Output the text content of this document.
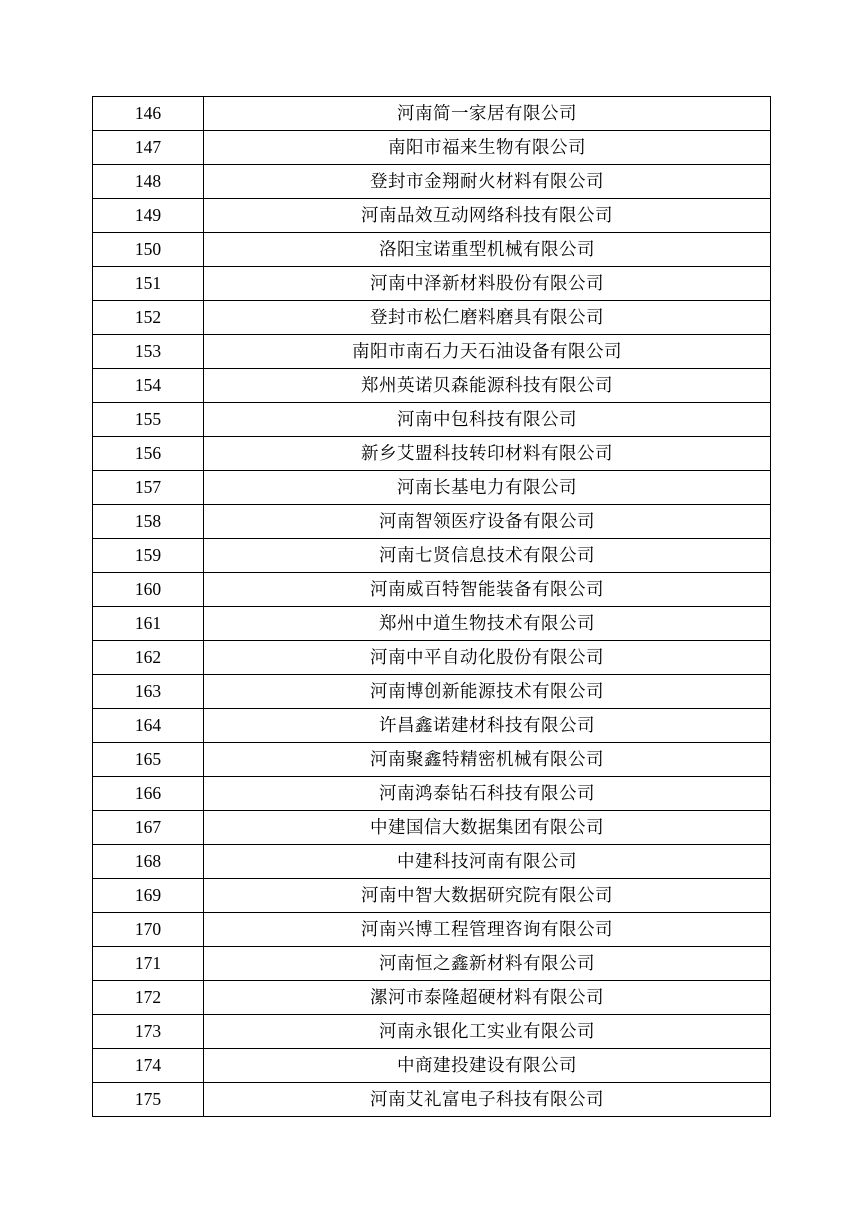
146	河南简一家居有限公司
147	南阳市福来生物有限公司
148	登封市金翔耐火材料有限公司
149	河南品效互动网络科技有限公司
150	洛阳宝诺重型机械有限公司
151	河南中泽新材料股份有限公司
152	登封市松仁磨料磨具有限公司
153	南阳市南石力天石油设备有限公司
154	郑州英诺贝森能源科技有限公司
155	河南中包科技有限公司
156	新乡艾盟科技转印材料有限公司
157	河南长基电力有限公司
158	河南智领医疗设备有限公司
159	河南七贤信息技术有限公司
160	河南威百特智能装备有限公司
161	郑州中道生物技术有限公司
162	河南中平自动化股份有限公司
163	河南博创新能源技术有限公司
164	许昌鑫诺建材科技有限公司
165	河南聚鑫特精密机械有限公司
166	河南鸿泰钻石科技有限公司
167	中建国信大数据集团有限公司
168	中建科技河南有限公司
169	河南中智大数据研究院有限公司
170	河南兴博工程管理咨询有限公司
171	河南恒之鑫新材料有限公司
172	漯河市泰隆超硬材料有限公司
173	河南永银化工实业有限公司
174	中商建投建设有限公司
175	河南艾礼富电子科技有限公司
